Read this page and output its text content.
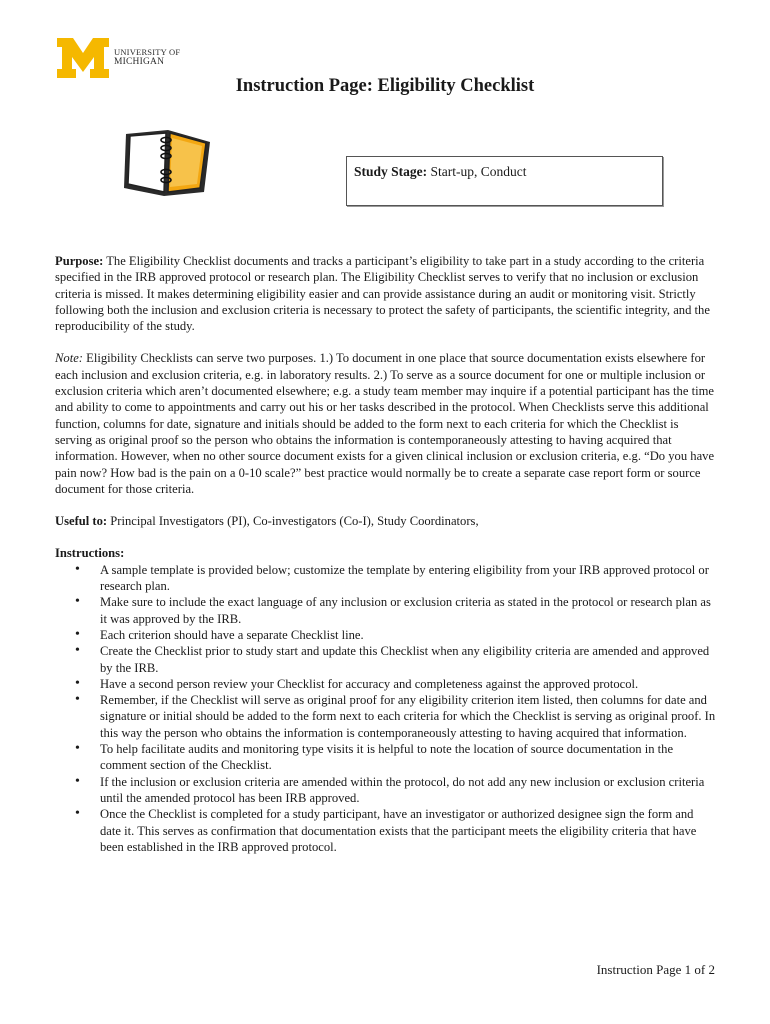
UNIVERSITY OF
MICHIGAN
Instruction Page: Eligibility Checklist
Study Stage: Start-up, Conduct

Purpose: The Eligibility Checklist documents and tracks a participant’s eligibility to take part in a study according to the criteria specified in the IRB approved protocol or research plan. The Eligibility Checklist serves to verify that no inclusion or exclusion criteria is missed. It makes determining eligibility easier and can provide assistance during an audit or monitoring visit. Strictly following both the inclusion and exclusion criteria is necessary to protect the safety of participants, the scientific integrity, and the reproducibility of the study.

Note: Eligibility Checklists can serve two purposes. 1.) To document in one place that source documentation exists elsewhere for each inclusion and exclusion criteria, e.g. in laboratory results. 2.) To serve as a source document for one or multiple inclusion or exclusion criteria which aren’t documented elsewhere; e.g. a study team member may inquire if a potential participant has the time and ability to come to appointments and carry out his or her tasks described in the protocol. When Checklists serve this additional function, columns for date, signature and initials should be added to the form next to each criteria for which the Checklist is serving as original proof so the person who obtains the information is contemporaneously attesting to having acquired that information. However, when no other source document exists for a given clinical inclusion or exclusion criteria, e.g. “Do you have pain now? How bad is the pain on a 0-10 scale?” best practice would normally be to create a separate case report form or source document for those criteria.

Useful to: Principal Investigators (PI), Co-investigators (Co-I), Study Coordinators,

Instructions:
• A sample template is provided below; customize the template by entering eligibility from your IRB approved protocol or research plan.
• Make sure to include the exact language of any inclusion or exclusion criteria as stated in the protocol or research plan as it was approved by the IRB.
• Each criterion should have a separate Checklist line.
• Create the Checklist prior to study start and update this Checklist when any eligibility criteria are amended and approved by the IRB.
• Have a second person review your Checklist for accuracy and completeness against the approved protocol.
• Remember, if the Checklist will serve as original proof for any eligibility criterion item listed, then columns for date and signature or initial should be added to the form next to each criteria for which the Checklist is serving as original proof. In this way the person who obtains the information is contemporaneously attesting to having acquired that information.
• To help facilitate audits and monitoring type visits it is helpful to note the location of source documentation in the comment section of the Checklist.
• If the inclusion or exclusion criteria are amended within the protocol, do not add any new inclusion or exclusion criteria until the amended protocol has been IRB approved.
• Once the Checklist is completed for a study participant, have an investigator or authorized designee sign the form and date it. This serves as confirmation that documentation exists that the participant meets the eligibility criteria that have been established in the IRB approved protocol.
Instruction Page 1 of 2
